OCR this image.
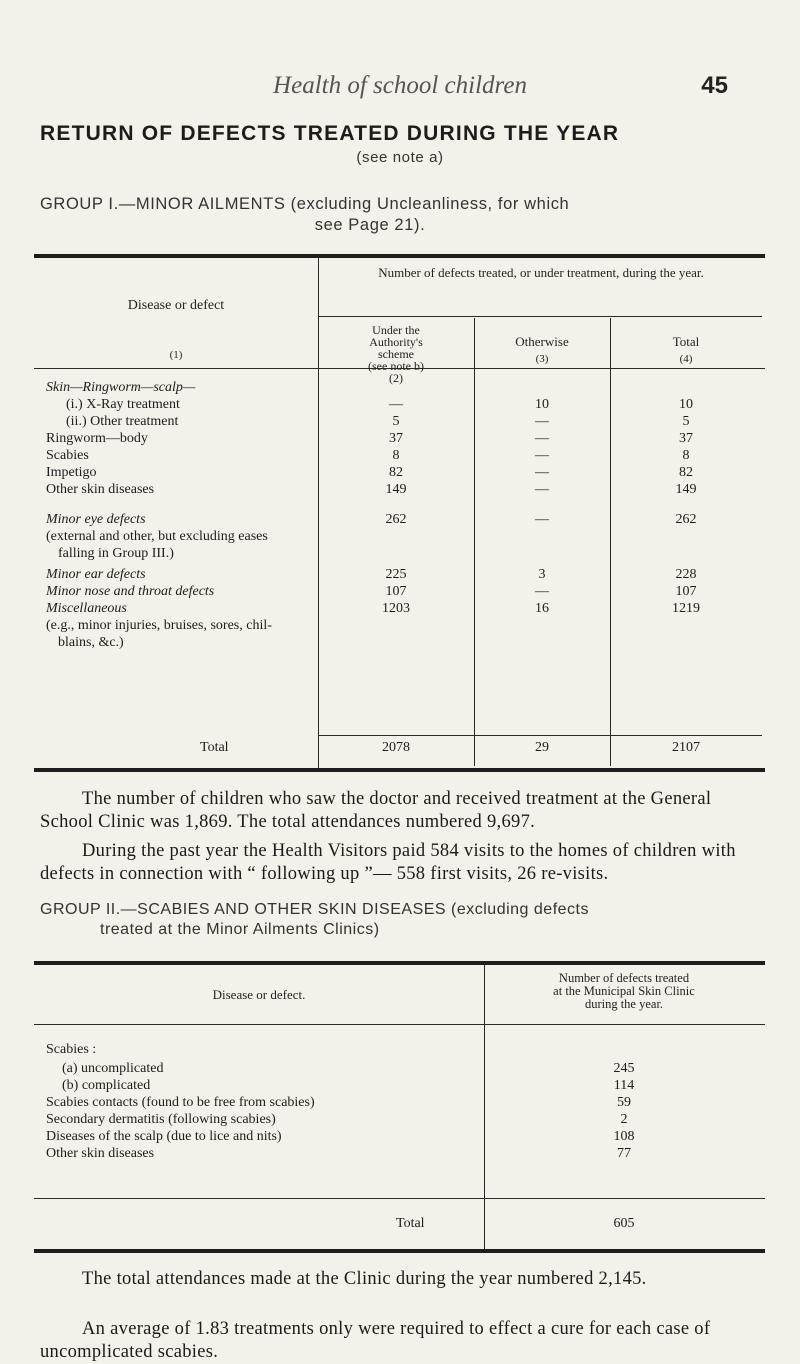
Health of school children	45
RETURN OF DEFECTS TREATED DURING THE YEAR
(see note a)
GROUP I.—MINOR AILMENTS (excluding Uncleanliness, for which
see Page 21).
Disease or defect
(1)
Number of defects treated, or under treatment, during the year.
Under the
Authority's
scheme
(see note b)
(2)
Otherwise
(3)
Total
(4)
Skin—Ringworm—scalp—
(i.) X-Ray treatment	—	10	10
(ii.) Other treatment	5	—	5
Ringworm—body	37	—	37
Scabies	8	—	8
Impetigo	82	—	82
Other skin diseases	149	—	149
Minor eye defects	262	—	262
(external and other, but excluding eases
falling in Group III.)
Minor ear defects	225	3	228
Minor nose and throat defects	107	—	107
Miscellaneous	1203	16	1219
(e.g., minor injuries, bruises, sores, chil-
blains, &c.)
Total	2078	29	2107
The number of children who saw the doctor and received treatment at the General School Clinic was 1,869. The total attendances numbered 9,697.
During the past year the Health Visitors paid 584 visits to the homes of children with defects in connection with “ following up ”— 558 first visits, 26 re-visits.
GROUP II.—SCABIES AND OTHER SKIN DISEASES (excluding defects
treated at the Minor Ailments Clinics)
Disease or defect.
Number of defects treated
at the Municipal Skin Clinic
during the year.
Scabies :
(a) uncomplicated	245
(b) complicated	114
Scabies contacts (found to be free from scabies)	59
Secondary dermatitis (following scabies)	2
Diseases of the scalp (due to lice and nits)	108
Other skin diseases	77
Total	605
The total attendances made at the Clinic during the year numbered 2,145.
An average of 1.83 treatments only were required to effect a cure for each case of uncomplicated scabies.
